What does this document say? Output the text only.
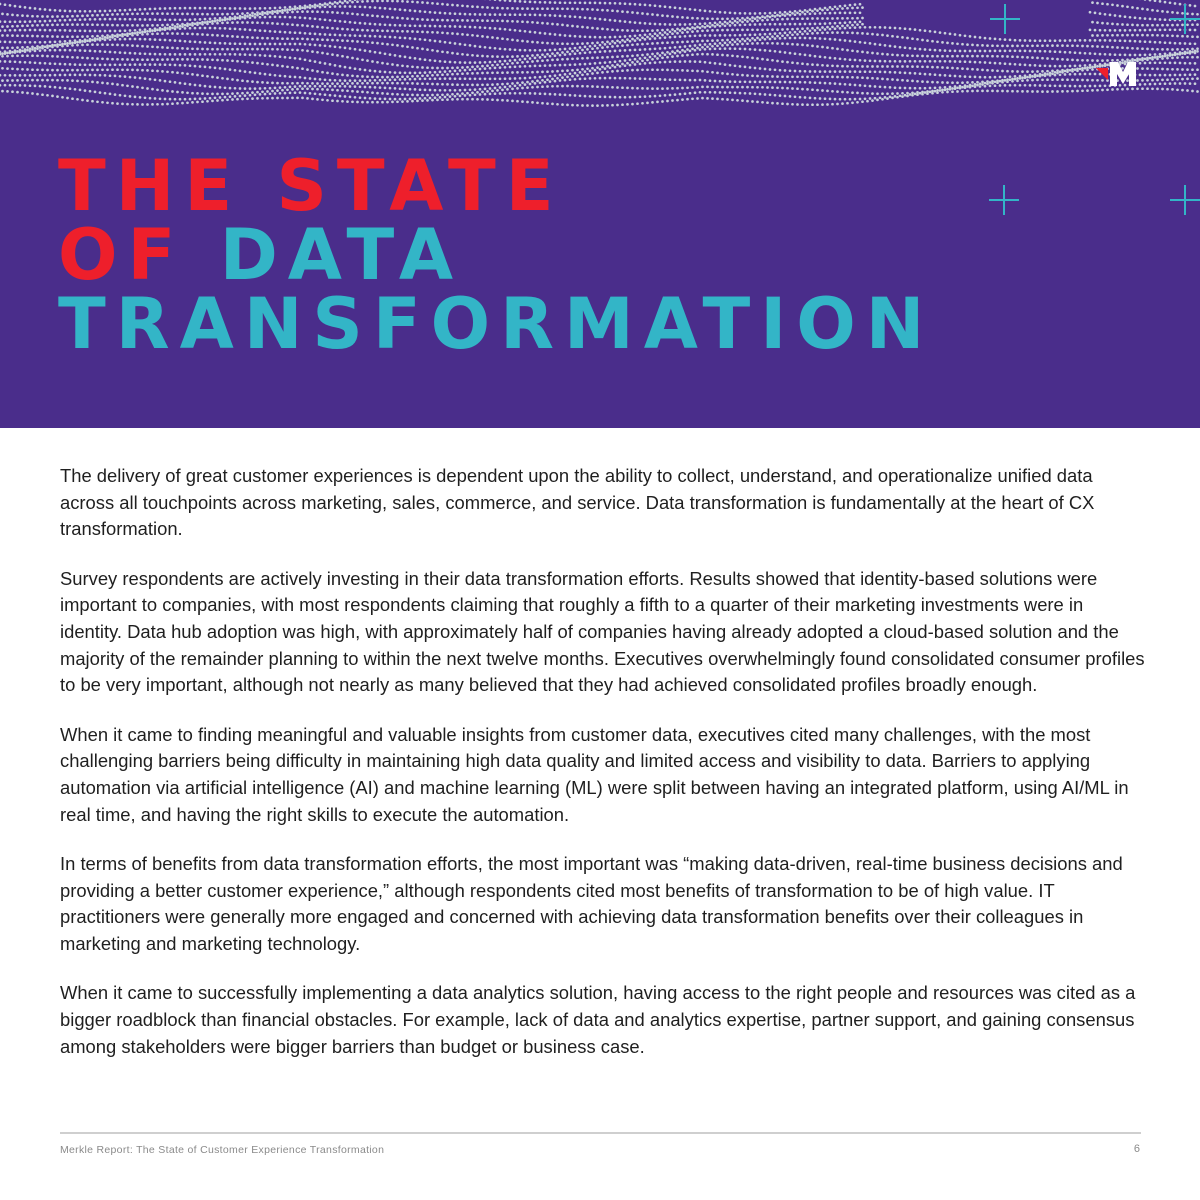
THE STATE
OF DATA
TRANSFORMATION

The delivery of great customer experiences is dependent upon the ability to collect, understand, and operationalize unified data across all touchpoints across marketing, sales, commerce, and service. Data transformation is fundamentally at the heart of CX transformation.

Survey respondents are actively investing in their data transformation efforts. Results showed that identity-based solutions were important to companies, with most respondents claiming that roughly a fifth to a quarter of their marketing investments were in identity. Data hub adoption was high, with approximately half of companies having already adopted a cloud-based solution and the majority of the remainder planning to within the next twelve months. Executives overwhelmingly found consolidated consumer profiles to be very important, although not nearly as many believed that they had achieved consolidated profiles broadly enough.

When it came to finding meaningful and valuable insights from customer data, executives cited many challenges, with the most challenging barriers being difficulty in maintaining high data quality and limited access and visibility to data. Barriers to applying automation via artificial intelligence (AI) and machine learning (ML) were split between having an integrated platform, using AI/ML in real time, and having the right skills to execute the automation.

In terms of benefits from data transformation efforts, the most important was “making data-driven, real-time business decisions and providing a better customer experience,” although respondents cited most benefits of transformation to be of high value. IT practitioners were generally more engaged and concerned with achieving data transformation benefits over their colleagues in marketing and marketing technology.

When it came to successfully implementing a data analytics solution, having access to the right people and resources was cited as a bigger roadblock than financial obstacles. For example, lack of data and analytics expertise, partner support, and gaining consensus among stakeholders were bigger barriers than budget or business case.

Merkle Report: The State of Customer Experience Transformation	6
